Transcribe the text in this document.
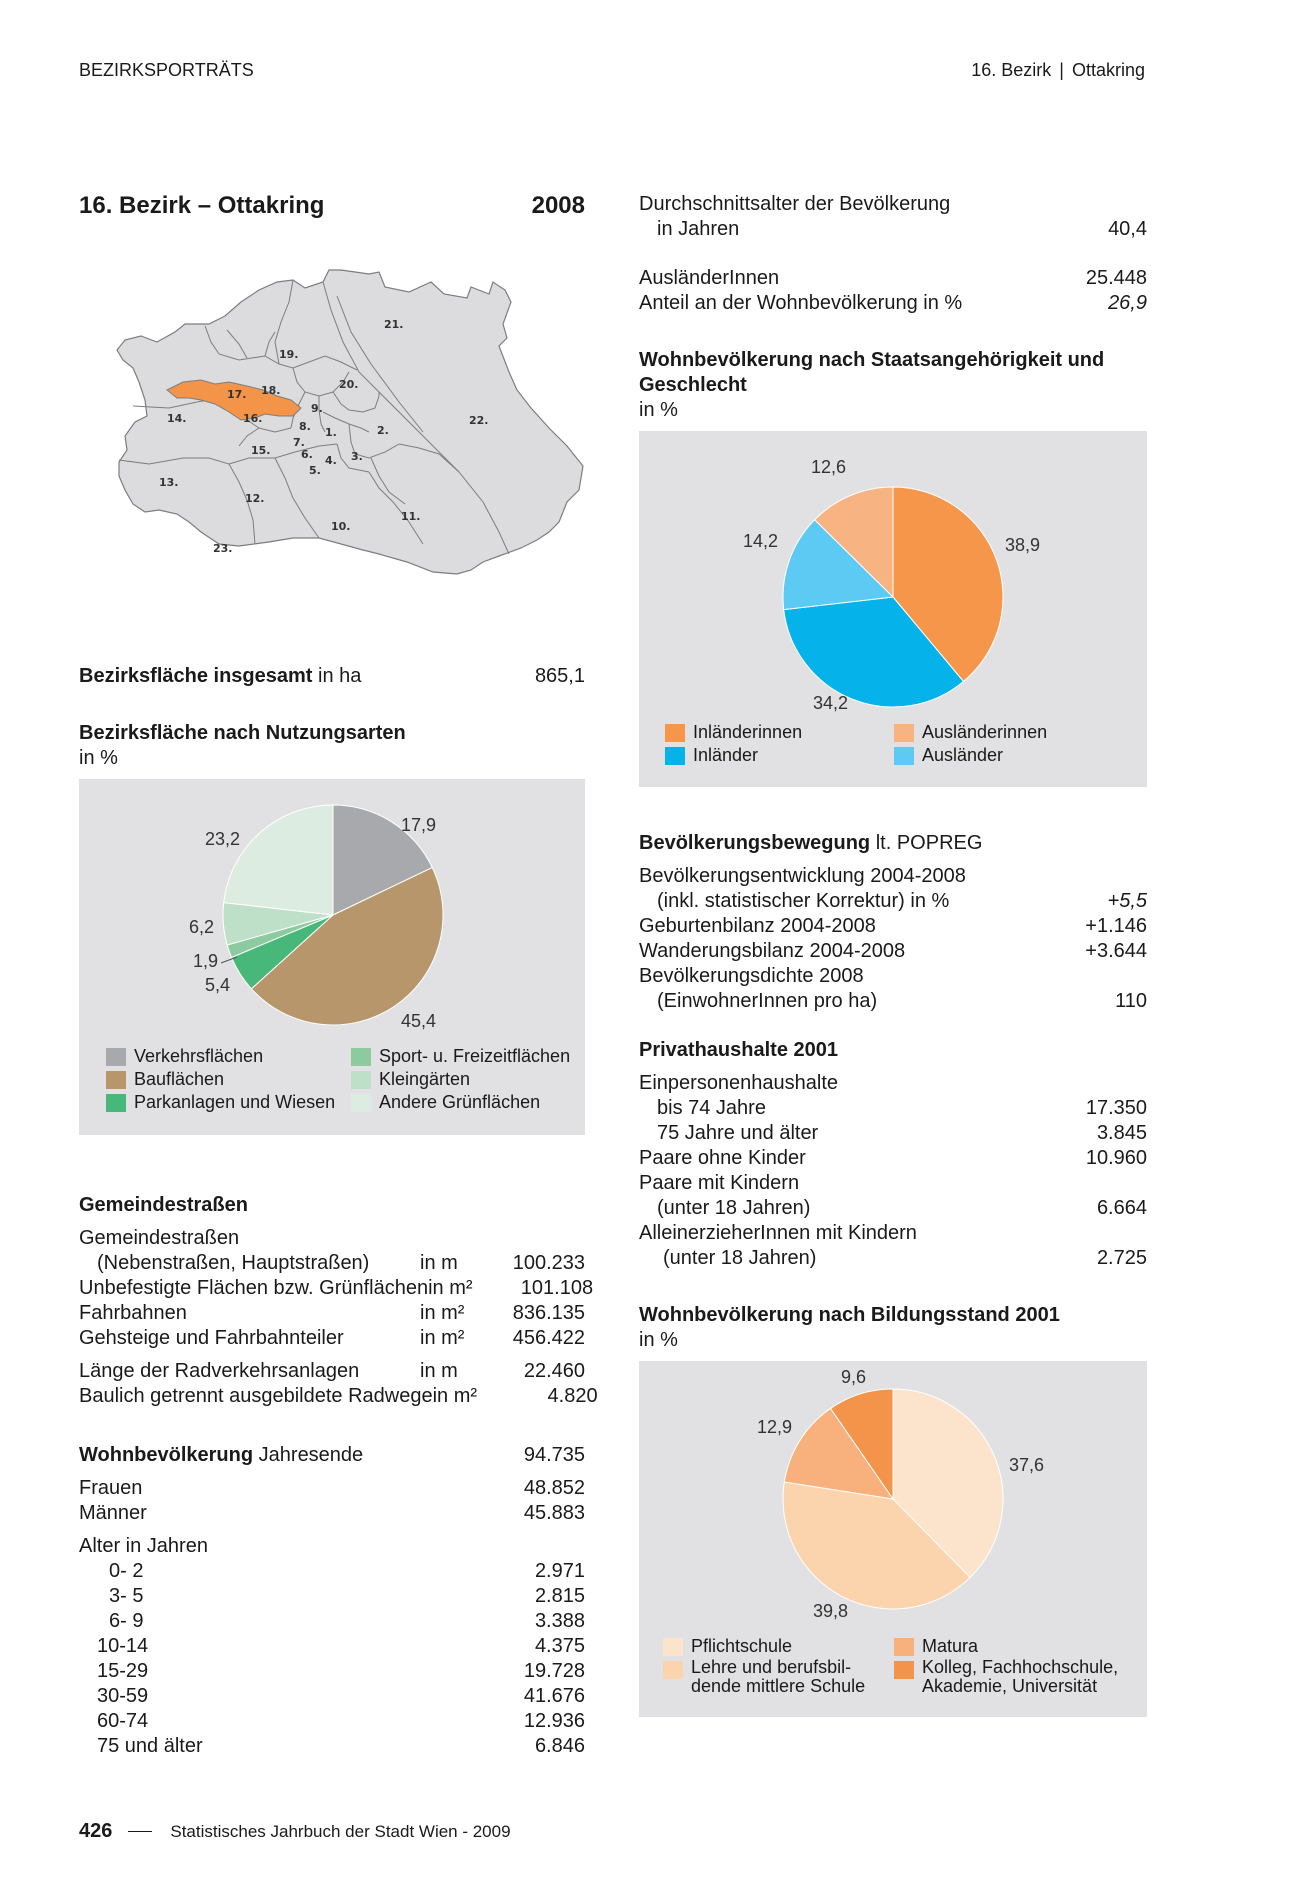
BEZIRKSPORTRÄTS	16. Bezirk | Ottakring
16. Bezirk – Ottakring	2008
21.
19.
20.
17. 18.
9.
14.	16.
8. 1.	2.
22.
7.
15.	6. 4. 3.
5.
13.
12.
11.
10.
23.
Bezirksfläche insgesamt in ha	865,1
Bezirksfläche nach Nutzungsarten
in %
17,9
45,4
5,4
1,9
6,2
23,2
Verkehrsflächen
Bauflächen
Parkanlagen und Wiesen
Sport- u. Freizeitflächen
Kleingärten
Andere Grünflächen
Gemeindestraßen
Gemeindestraßen
(Nebenstraßen, Hauptstraßen)	in m	100.233
Unbefestigte Flächen bzw. Grünflächen in m²	101.108
Fahrbahnen	in m²	836.135
Gehsteige und Fahrbahnteiler	in m²	456.422
Länge der Radverkehrsanlagen	in m	22.460
Baulich getrennt ausgebildete Radwege in m²	4.820
Wohnbevölkerung Jahresende	94.735
Frauen	48.852
Männer	45.883
Alter in Jahren
0- 2	2.971
3- 5	2.815
6- 9	3.388
10-14	4.375
15-29	19.728
30-59	41.676
60-74	12.936
75 und älter	6.846
Durchschnittsalter der Bevölkerung
in Jahren	40,4
AusländerInnen	25.448
Anteil an der Wohnbevölkerung in %	26,9
Wohnbevölkerung nach Staatsangehörigkeit und Geschlecht
in %
38,9
34,2
14,2
12,6
Inländerinnen
Inländer
Ausländerinnen
Ausländer
Bevölkerungsbewegung lt. POPREG
Bevölkerungsentwicklung 2004-2008
(inkl. statistischer Korrektur) in %	+5,5
Geburtenbilanz 2004-2008	+1.146
Wanderungsbilanz 2004-2008	+3.644
Bevölkerungsdichte 2008
(EinwohnerInnen pro ha)	110
Privathaushalte 2001
Einpersonenhaushalte
bis 74 Jahre	17.350
75 Jahre und älter	3.845
Paare ohne Kinder	10.960
Paare mit Kindern
(unter 18 Jahren)	6.664
AlleinerzieherInnen mit Kindern
(unter 18 Jahren)	2.725
Wohnbevölkerung nach Bildungsstand 2001
in %
9,6
37,6
39,8
12,9
Pflichtschule
Lehre und berufsbil-
dende mittlere Schule
Matura
Kolleg, Fachhochschule,
Akademie, Universität
426	Statistisches Jahrbuch der Stadt Wien - 2009
